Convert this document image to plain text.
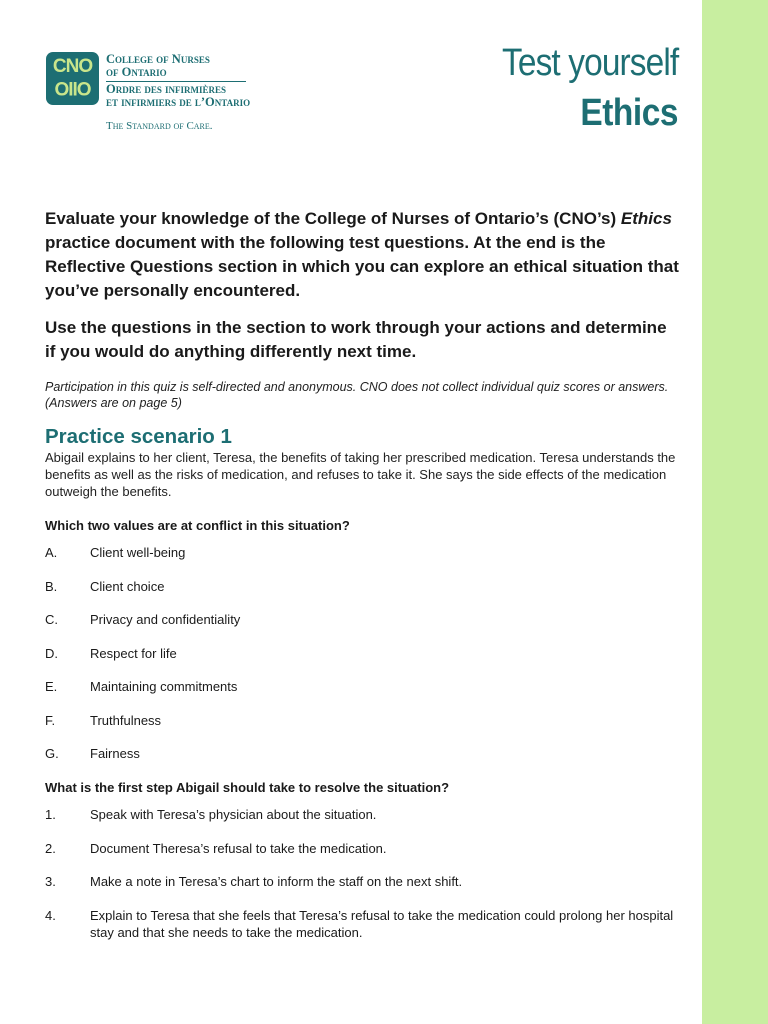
CNO
OIIO
College of Nurses
of Ontario
Ordre des infirmières
et infirmiers de l’Ontario
The Standard of Care.
Test yourself
Ethics

Evaluate your knowledge of the College of Nurses of Ontario’s (CNO’s) Ethics practice document with the following test questions. At the end is the Reflective Questions section in which you can explore an ethical situation that you’ve personally encountered.

Use the questions in the section to work through your actions and determine if you would do anything differently next time.

Participation in this quiz is self-directed and anonymous. CNO does not collect individual quiz scores or answers. (Answers are on page 5)

Practice scenario 1

Abigail explains to her client, Teresa, the benefits of taking her prescribed medication. Teresa understands the benefits as well as the risks of medication, and refuses to take it. She says the side effects of the medication outweigh the benefits.

Which two values are at conflict in this situation?

A.	Client well-being
B.	Client choice
C. Privacy and confidentiality
D. Respect for life
E.	Maintaining commitments
F.	Truthfulness
G. Fairness

What is the first step Abigail should take to resolve the situation?

1.	Speak with Teresa’s physician about the situation.
2.	Document Theresa’s refusal to take the medication.
3.	Make a note in Teresa’s chart to inform the staff on the next shift.
4.	Explain to Teresa that she feels that Teresa’s refusal to take the medication could prolong her hospital stay and that she needs to take the medication.
